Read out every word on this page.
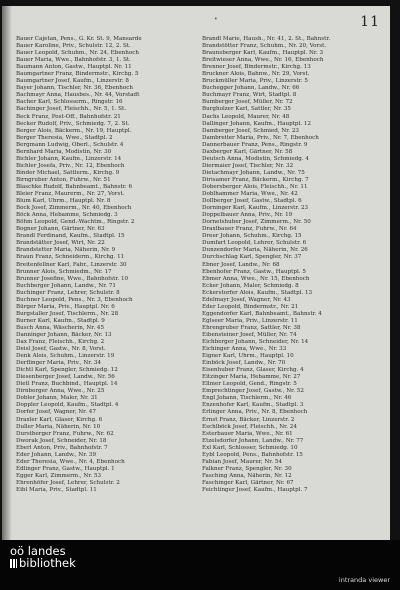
•	11
Bauer Cajetan, Pens., G. Kr. St. 9, Mansarde
Bauer Karoline, Priv., Schulstr. 12, 2. St.
Bauer Leopold, Schuhm., Nr. 24, Ebenhoch
Bauer Maria, Wwe., Bahnhofstr. 3, 1. St.
Baumann Anton, Gastw., Hauptpl. Nr. 11
Baumgartner Franz, Bindermstr., Kirchg. 5
Baumgartner Josef, Kaufm., Linzerstr. 8
Bayer Johann, Tischler, Nr. 36, Ebenhoch
Bachmayr Anna, Hausbes., Nr. 44, Vorstadt
Bacher Karl, Schlosserm., Ringstr. 16
Bachinger Josef, Fleischh., Nr. 5, 1. St.
Beck Franz, Post-Off., Bahnhofstr. 21
Becker Rudolf, Priv., Schmiedg. 7, 2. St.
Berger Alois, Bäckerm., Nr. 19, Hauptpl.
Berger Theresia, Wwe., Stadtpl. 2
Bergmann Ludwig, Oberl., Schulstr. 4
Bernhard Maria, Modistin, Nr. 30
Bichler Johann, Kaufm., Linzerstr. 14
Bichler Josefa, Priv., Nr. 12, Ebenhoch
Binder Michael, Sattlerm., Kirchg. 9
Birngruber Anton, Fuhrw., Nr. 51
Blaschke Rudolf, Bahnbeamt., Bahnstr. 6
Bleier Franz, Maurerm., Nr. 27, Vorst.
Blum Karl, Uhrm., Hauptpl. Nr. 8
Bock Josef, Zimmerm., Nr. 40, Ebenhoch
Böck Anna, Hebamme, Schmiedg. 3
Böhm Leopold, Gend.-Wachtm., Ringstr. 2
Bogner Johann, Gärtner, Nr. 63
Brandl Ferdinand, Kaufm., Stadtpl. 15
Brandstätter Josef, Wirt, Nr. 22
Brandstetter Maria, Näherin, Nr. 9
Braun Franz, Schneiderm., Kirchg. 11
Breitenfellner Karl, Fabr., Linzerstr. 30
Brunner Alois, Schmiedm., Nr. 17
Brunner Josefine, Wwe., Bahnhofstr. 10
Buchberger Johann, Landw., Nr. 71
Buchinger Franz, Lehrer, Schulstr. 8
Buchner Leopold, Pens., Nr. 3, Ebenhoch
Bürger Maria, Priv., Hauptpl. Nr. 6
Burgstaller Josef, Tischlerm., Nr. 28
Burner Karl, Kaufm., Stadtpl. 9
Busch Anna, Wäscherin, Nr. 45
Danninger Johann, Bäcker, Nr. 13
Dax Franz, Fleischh., Kirchg. 2
Deisl Josef, Gastw., Nr. 8, Vorst.
Denk Alois, Schuhm., Linzerstr. 19
Derflinger Maria, Priv., Nr. 34
Dichtl Karl, Spengler, Schmiedg. 12
Diesenberger Josef, Landw., Nr. 56
Dietl Franz, Buchbind., Hauptpl. 14
Dirnberger Anna, Wwe., Nr. 25
Dobler Johann, Maler, Nr. 31
Doppler Leopold, Kaufm., Stadtpl. 4
Dorfer Josef, Wagner, Nr. 47
Draxler Karl, Glaser, Kirchg. 6
Duller Maria, Näherin, Nr. 10
Durstberger Franz, Fuhrw., Nr. 62
Dworak Josef, Schneider, Nr. 18
Eberl Anton, Priv., Bahnhofstr. 7
Eder Johann, Landw., Nr. 39
Eder Theresia, Wwe., Nr. 4, Ebenhoch
Edlinger Franz, Gastw., Hauptpl. 1
Egger Karl, Zimmerm., Nr. 53
Ehrenhöfer Josef, Lehrer, Schulstr. 2
Eibl Maria, Priv., Stadtpl. 11
Brandl Marie, Haush., Nr. 41, 2. St., Bahnstr.
Brandstötter Franz, Schuhm., Nr. 20, Vorst.
Braunsberger Karl, Kaufm., Hauptpl. Nr. 3
Breitwieser Anna, Wwe., Nr. 16, Ebenhoch
Brenner Josef, Bindermstr., Kirchg. 13
Bruckner Alois, Bahnw., Nr. 29, Vorst.
Bruckmüller Maria, Priv., Linzerstr. 5
Buchegger Johann, Landw., Nr. 66
Buchmayr Franz, Wirt, Stadtpl. 8
Bumberger Josef, Müller, Nr. 72
Burgholzer Karl, Sattler, Nr. 35
Dachs Leopold, Maurer, Nr. 48
Dallinger Johann, Kaufm., Hauptpl. 12
Damberger Josef, Schmied, Nr. 23
Dambreiter Maria, Priv., Nr. 7, Ebenhoch
Dannerbauer Franz, Pens., Ringstr. 9
Daxberger Karl, Gärtner, Nr. 58
Deutsch Anna, Modistin, Schmiedg. 4
Diermaier Josef, Tischler, Nr. 32
Dietachmayr Johann, Landw., Nr. 75
Dirisamer Franz, Bäckerm., Kirchg. 7
Dobersberger Alois, Fleischh., Nr. 11
Doblhammer Maria, Wwe., Nr. 42
Dollberger Josef, Gastw., Stadtpl. 6
Dorninger Karl, Kaufm., Linzerstr. 23
Doppelbauer Anna, Priv., Nr. 19
Dornetshuber Josef, Zimmerm., Nr. 50
Draxlbauer Franz, Fuhrw., Nr. 64
Dreer Johann, Schuhm., Kirchg. 15
Dumfart Leopold, Lehrer, Schulstr. 6
Dunzendorfer Maria, Näherin, Nr. 26
Durchschlag Karl, Spengler, Nr. 37
Ebner Josef, Landw., Nr. 68
Ebenhofer Franz, Gastw., Hauptpl. 5
Ebmer Anna, Wwe., Nr. 15, Ebenhoch
Ecker Johann, Maler, Schmiedg. 8
Eckerstorfer Alois, Kaufm., Stadtpl. 13
Edelmayr Josef, Wagner, Nr. 43
Eder Leopold, Bindermstr., Nr. 21
Eggendorfer Karl, Bahnbeamt., Bahnstr. 4
Eglseer Maria, Priv., Linzerstr. 11
Ehrengruber Franz, Sattler, Nr. 38
Eibensteiner Josef, Müller, Nr. 74
Eichberger Johann, Schneider, Nr. 14
Eichinger Anna, Wwe., Nr. 33
Eigner Karl, Uhrm., Hauptpl. 10
Einböck Josef, Landw., Nr. 70
Eisenhuber Franz, Glaser, Kirchg. 4
Eitzinger Maria, Hebamme, Nr. 27
Ellmer Leopold, Gend., Ringstr. 5
Emprechtinger Josef, Gastw., Nr. 52
Engl Johann, Tischlerm., Nr. 46
Enzenhofer Karl, Kaufm., Stadtpl. 3
Erlinger Anna, Priv., Nr. 8, Ebenhoch
Ernst Franz, Bäcker, Linzerstr. 2
Eschlböck Josef, Fleischh., Nr. 24
Esterbauer Maria, Wwe., Nr. 61
Etzelsdorfer Johann, Landw., Nr. 77
Exl Karl, Schlosser, Schmiedg. 10
Eybl Leopold, Pens., Bahnhofstr. 15
Fabian Josef, Maurer, Nr. 54
Falkner Franz, Spengler, Nr. 30
Fasching Anna, Näherin, Nr. 12
Faschinger Karl, Gärtner, Nr. 67
Feichtinger Josef, Kaufm., Hauptpl. 7
oö landes
bibliothek
intranda viewer
